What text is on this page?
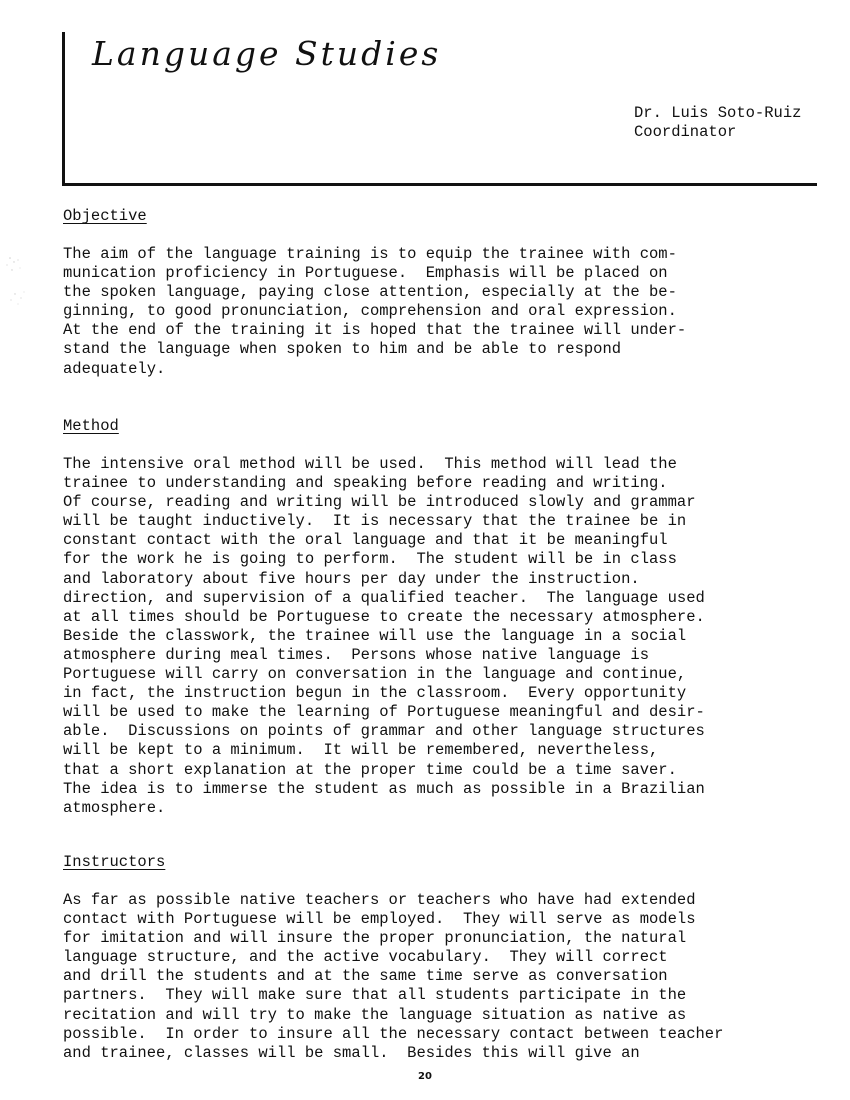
Language Studies
Dr. Luis Soto-Ruiz
Coordinator
Objective
The aim of the language training is to equip the trainee with com-
munication proficiency in Portuguese.  Emphasis will be placed on
the spoken language, paying close attention, especially at the be-
ginning, to good pronunciation, comprehension and oral expression.
At the end of the training it is hoped that the trainee will under-
stand the language when spoken to him and be able to respond
adequately.
Method
The intensive oral method will be used.  This method will lead the
trainee to understanding and speaking before reading and writing.
Of course, reading and writing will be introduced slowly and grammar
will be taught inductively.  It is necessary that the trainee be in
constant contact with the oral language and that it be meaningful
for the work he is going to perform.  The student will be in class
and laboratory about five hours per day under the instruction.
direction, and supervision of a qualified teacher.  The language used
at all times should be Portuguese to create the necessary atmosphere.
Beside the classwork, the trainee will use the language in a social
atmosphere during meal times.  Persons whose native language is
Portuguese will carry on conversation in the language and continue,
in fact, the instruction begun in the classroom.  Every opportunity
will be used to make the learning of Portuguese meaningful and desir-
able.  Discussions on points of grammar and other language structures
will be kept to a minimum.  It will be remembered, nevertheless,
that a short explanation at the proper time could be a time saver.
The idea is to immerse the student as much as possible in a Brazilian
atmosphere.
Instructors
As far as possible native teachers or teachers who have had extended
contact with Portuguese will be employed.  They will serve as models
for imitation and will insure the proper pronunciation, the natural
language structure, and the active vocabulary.  They will correct
and drill the students and at the same time serve as conversation
partners.  They will make sure that all students participate in the
recitation and will try to make the language situation as native as
possible.  In order to insure all the necessary contact between teacher
and trainee, classes will be small.  Besides this will give an
20
